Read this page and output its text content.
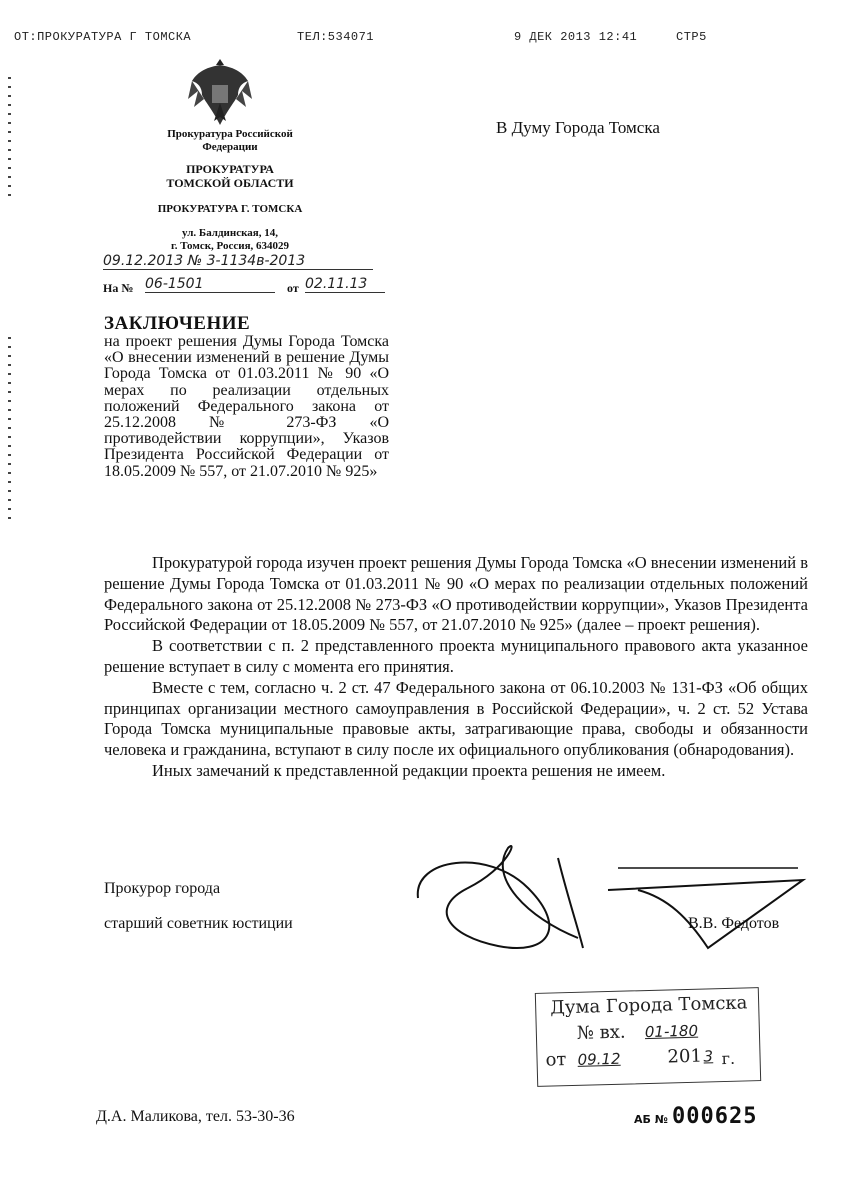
ОТ:ПРОКУРАТУРА Г ТОМСКА	ТЕЛ:534071	9 ДЕК 2013 12:41	СТР5
Прокуратура Российской
Федерации
ПРОКУРАТУРА
ТОМСКОЙ ОБЛАСТИ
ПРОКУРАТУРА Г. ТОМСКА
ул. Балдинская, 14,
г. Томск, Россия, 634029
09.12.2013 № 3-1134в-2013
На № 06-1501	от 02.11.13
В Думу Города Томска
ЗАКЛЮЧЕНИЕ
на проект решения Думы Города Томска «О внесении изменений в решение Думы Города Томска от 01.03.2011 № 90 «О мерах по реализации отдельных положений Федерального закона от 25.12.2008 № 273-ФЗ «О противодействии коррупции», Указов Президента Российской Федерации от 18.05.2009 № 557, от 21.07.2010 № 925»

Прокуратурой города изучен проект решения Думы Города Томска «О внесении изменений в решение Думы Города Томска от 01.03.2011 № 90 «О мерах по реализации отдельных положений Федерального закона от 25.12.2008 № 273-ФЗ «О противодействии коррупции», Указов Президента Российской Федерации от 18.05.2009 № 557, от 21.07.2010 № 925» (далее – проект решения).

В соответствии с п. 2 представленного проекта муниципального правового акта указанное решение вступает в силу с момента его принятия.

Вместе с тем, согласно ч. 2 ст. 47 Федерального закона от 06.10.2003 № 131-ФЗ «Об общих принципах организации местного самоуправления в Российской Федерации», ч. 2 ст. 52 Устава Города Томска муниципальные правовые акты, затрагивающие права, свободы и обязанности человека и гражданина, вступают в силу после их официального опубликования (обнародования).

Иных замечаний к представленной редакции проекта решения не имеем.

Прокурор города
старший советник юстиции	В.В. Федотов
Дума Города Томска
№ вх. 01-180
от 09.12	201 3 г.
Д.А. Маликова, тел. 53-30-36	АБ № 000625
